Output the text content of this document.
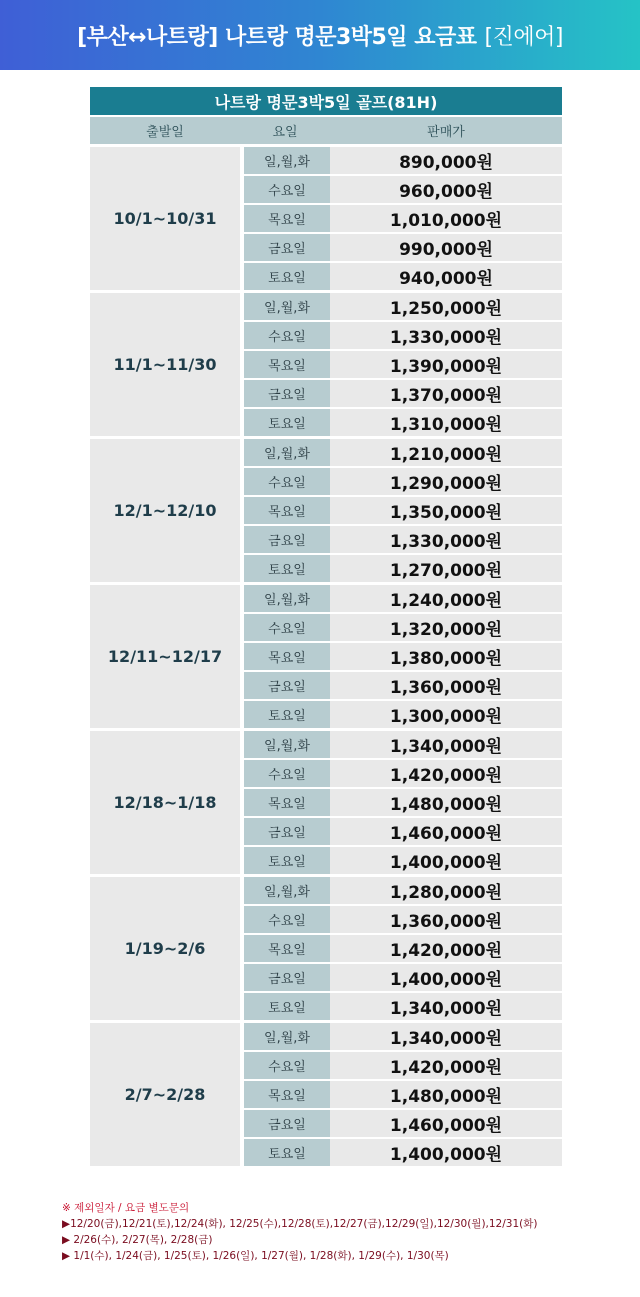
[부산↔나트랑] 나트랑 명문3박5일 요금표 [진에어]
나트랑 명문3박5일 골프(81H)
출발일	요일	판매가
10/1~10/31
일,월,화
수요일
목요일
금요일
토요일
890,000원
960,000원
1,010,000원
990,000원
940,000원
11/1~11/30
일,월,화
수요일
목요일
금요일
토요일
1,250,000원
1,330,000원
1,390,000원
1,370,000원
1,310,000원
12/1~12/10
일,월,화
수요일
목요일
금요일
토요일
1,210,000원
1,290,000원
1,350,000원
1,330,000원
1,270,000원
12/11~12/17
일,월,화
수요일
목요일
금요일
토요일
1,240,000원
1,320,000원
1,380,000원
1,360,000원
1,300,000원
12/18~1/18
일,월,화
수요일
목요일
금요일
토요일
1,340,000원
1,420,000원
1,480,000원
1,460,000원
1,400,000원
1/19~2/6
일,월,화
수요일
목요일
금요일
토요일
1,280,000원
1,360,000원
1,420,000원
1,400,000원
1,340,000원
2/7~2/28
일,월,화
수요일
목요일
금요일
토요일
1,340,000원
1,420,000원
1,480,000원
1,460,000원
1,400,000원
※ 제외일자 / 요금 별도문의
▶12/20(금),12/21(토),12/24(화), 12/25(수),12/28(토),12/27(금),12/29(일),12/30(월),12/31(화)
▶ 2/26(수), 2/27(목), 2/28(금)
▶ 1/1(수), 1/24(금), 1/25(토), 1/26(일), 1/27(월), 1/28(화), 1/29(수), 1/30(목)
